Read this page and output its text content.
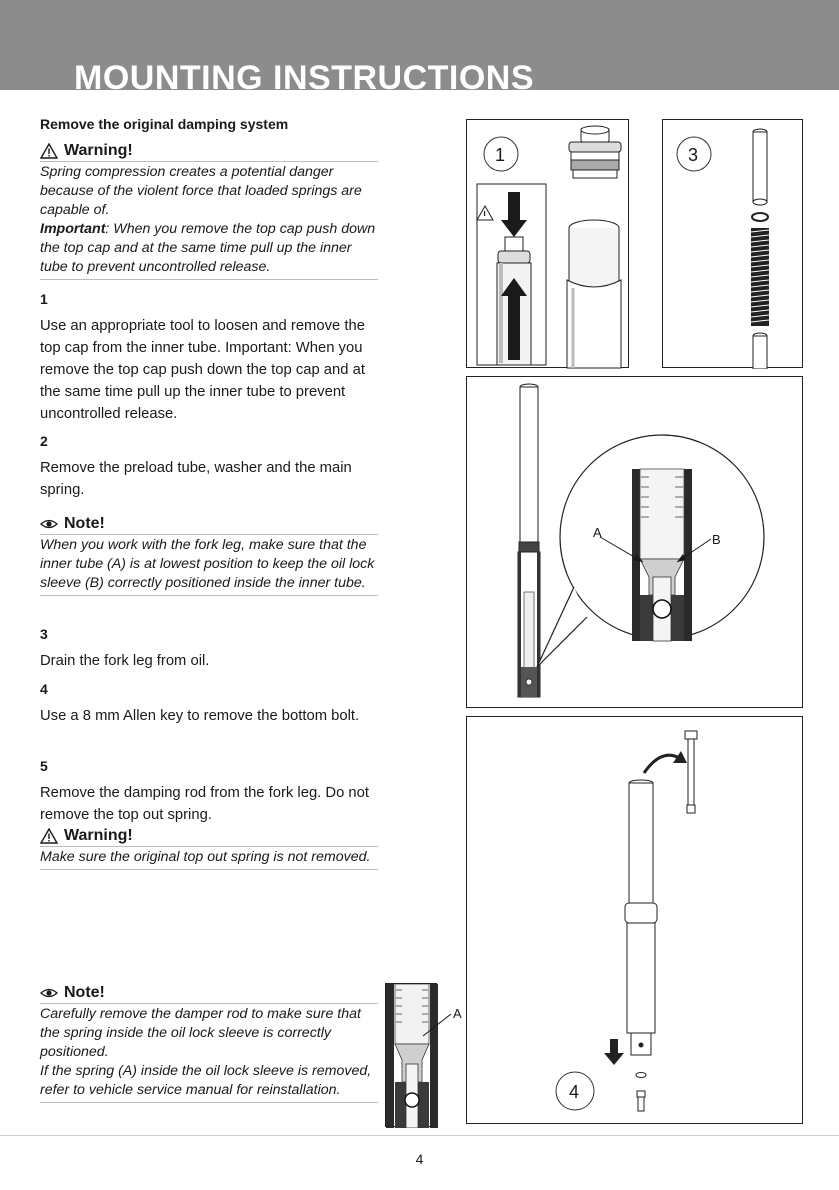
MOUNTING INSTRUCTIONS
Remove the original damping system
Warning!
Spring compression creates a potential danger because of the violent force that loaded springs are capable of.
Important: When you remove the top cap push down the top cap and at the same time pull up the inner tube to prevent uncontrolled release.
1
Use an appropriate tool to loosen and remove the top cap from the inner tube. Important: When you remove the top cap push down the top cap and at the same time pull up the inner tube to prevent uncontrolled release.
2
Remove the preload tube, washer and the main spring.
Note!
When you work with the fork leg, make sure that the inner tube (A) is at lowest position to keep the oil lock sleeve (B) correctly positioned inside the inner tube.
3
Drain the fork leg from oil.
4
Use a 8 mm Allen key to remove the bottom bolt.
5
Remove the damping rod from the fork leg. Do not remove the top out spring.
Warning!
Make sure the original top out spring is not removed.
Note!
Carefully remove the damper rod to make sure that the spring inside the oil lock sleeve is correctly positioned.
If the spring (A) inside the oil lock sleeve is removed, refer to vehicle service manual for reinstallation.
A
1	3
A	B
4
4
